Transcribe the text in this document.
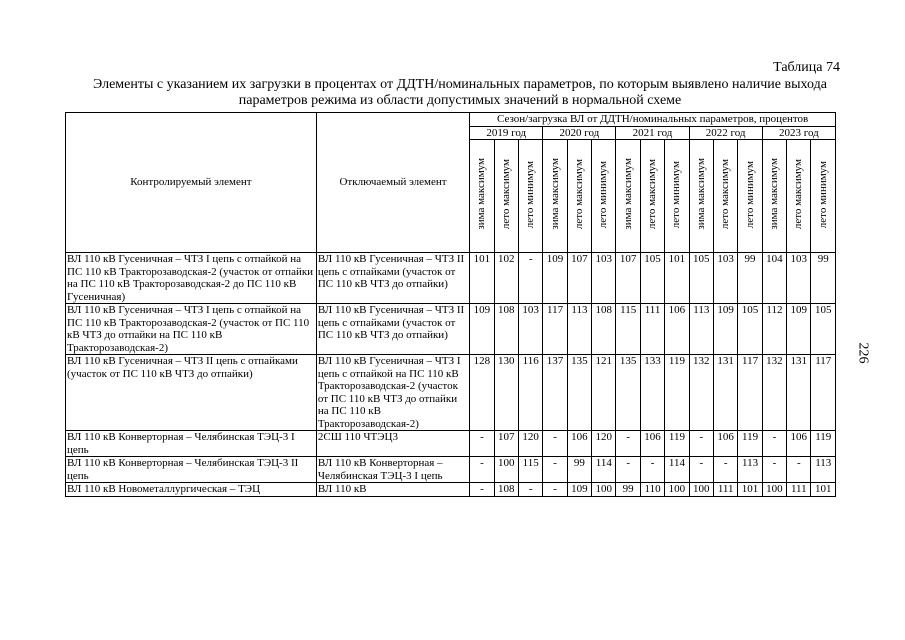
Таблица 74
Элементы с указанием их загрузки в процентах от ДДТН/номинальных параметров, по которым выявлено наличие выхода параметров режима из области допустимых значений в нормальной схеме
226
Контролируемый элемент	Отключаемый элемент	Сезон/загрузка ВЛ от ДДТН/номинальных параметров, процентов														
		2019 год			2020 год			2021 год			2022 год			2023 год		
		зима максимум	лето максимум	лето минимум	зима максимум	лето максимум	лето минимум	зима максимум	лето максимум	лето минимум	зима максимум	лето максимум	лето минимум	зима максимум	лето максимум	лето минимум
ВЛ 110 кВ Гусеничная – ЧТЗ I цепь с отпайкой на ПС 110 кВ Тракторозаводская-2 (участок от отпайки на ПС 110 кВ Тракторозаводская-2 до ПС 110 кВ Гусеничная)	ВЛ 110 кВ Гусеничная – ЧТЗ II цепь с отпайками (участок от ПС 110 кВ ЧТЗ до отпайки)	101	102	-	109	107	103	107	105	101	105	103	99	104	103	99
ВЛ 110 кВ Гусеничная – ЧТЗ I цепь с отпайкой на ПС 110 кВ Тракторозаводская-2 (участок от ПС 110 кВ ЧТЗ до отпайки на ПС 110 кВ Тракторозаводская-2)	ВЛ 110 кВ Гусеничная – ЧТЗ II цепь с отпайками (участок от ПС 110 кВ ЧТЗ до отпайки)	109	108	103	117	113	108	115	111	106	113	109	105	112	109	105
ВЛ 110 кВ Гусеничная – ЧТЗ II цепь с отпайками (участок от ПС 110 кВ ЧТЗ до отпайки)	ВЛ 110 кВ Гусеничная – ЧТЗ I цепь с отпайкой на ПС 110 кВ Тракторозаводская-2 (участок от ПС 110 кВ ЧТЗ до отпайки на ПС 110 кВ Тракторозаводская-2)	128	130	116	137	135	121	135	133	119	132	131	117	132	131	117
ВЛ 110 кВ Конверторная – Челябинская ТЭЦ-3 I цепь	2СШ 110 ЧТЭЦ3	-	107	120	-	106	120	-	106	119	-	106	119	-	106	119
ВЛ 110 кВ Конверторная – Челябинская ТЭЦ-3 II цепь	ВЛ 110 кВ Конверторная – Челябинская ТЭЦ-3 I цепь	-	100	115	-	99	114	-	-	114	-	-	113	-	-	113
ВЛ 110 кВ Новометаллургическая – ТЭЦ	ВЛ 110 кВ	-	108	-	-	109	100	99	110	100	100	111	101	100	111	101
